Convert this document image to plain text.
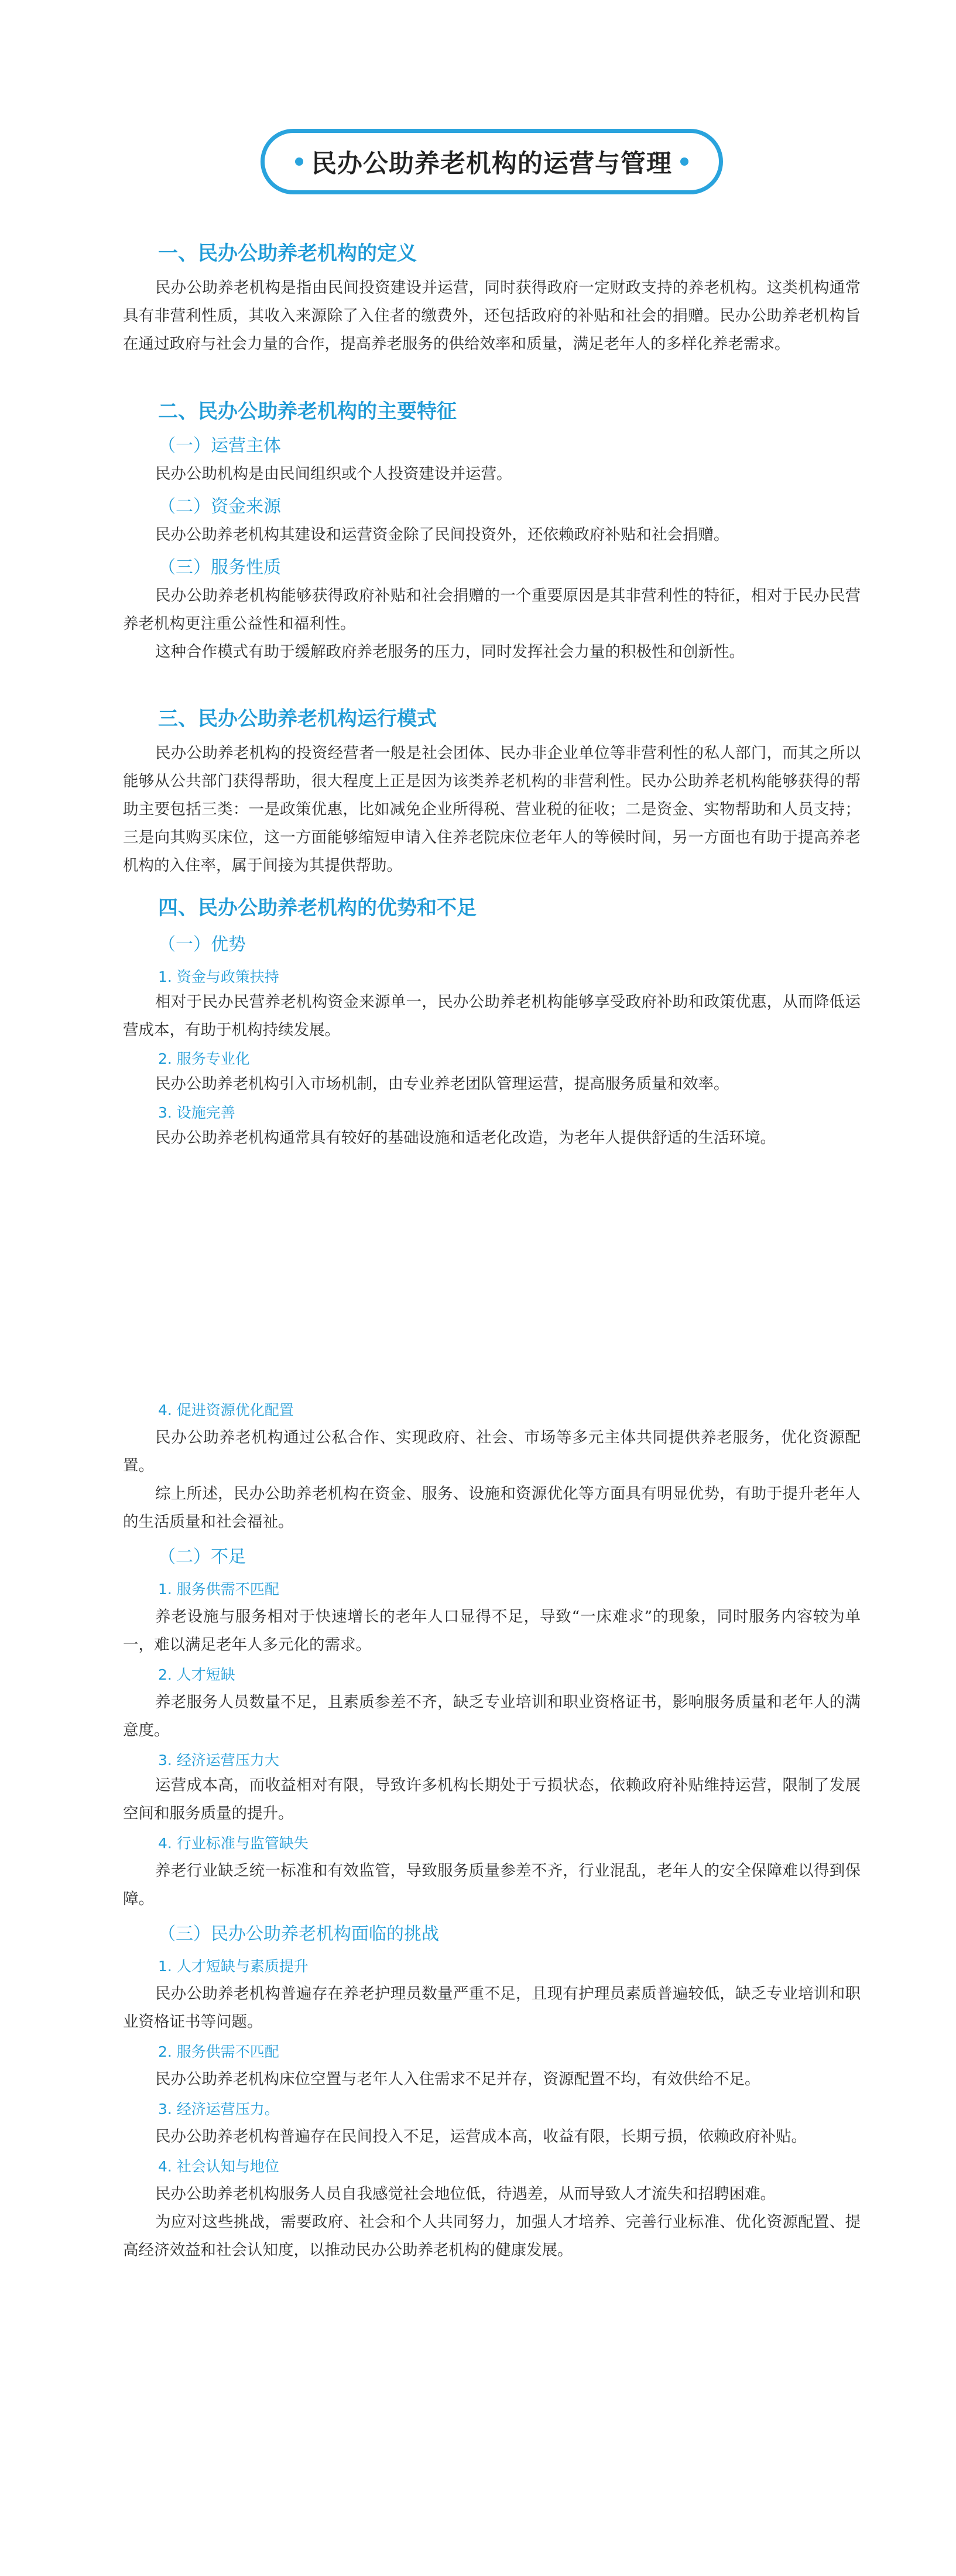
民办公助养老机构的运营与管理
一、民办公助养老机构的定义
民办公助养老机构是指由民间投资建设并运营，同时获得政府一定财政支持的养老机构。这类机构通常具有非营利性质，其收入来源除了入住者的缴费外，还包括政府的补贴和社会的捐赠。民办公助养老机构旨在通过政府与社会力量的合作，提高养老服务的供给效率和质量，满足老年人的多样化养老需求。
二、民办公助养老机构的主要特征
（一）运营主体
民办公助机构是由民间组织或个人投资建设并运营。
（二）资金来源
民办公助养老机构其建设和运营资金除了民间投资外，还依赖政府补贴和社会捐赠。
（三）服务性质
民办公助养老机构能够获得政府补贴和社会捐赠的一个重要原因是其非营利性的特征，相对于民办民营养老机构更注重公益性和福利性。
这种合作模式有助于缓解政府养老服务的压力，同时发挥社会力量的积极性和创新性。
三、民办公助养老机构运行模式
民办公助养老机构的投资经营者一般是社会团体、民办非企业单位等非营利性的私人部门，而其之所以能够从公共部门获得帮助，很大程度上正是因为该类养老机构的非营利性。民办公助养老机构能够获得的帮助主要包括三类：一是政策优惠，比如减免企业所得税、营业税的征收；二是资金、实物帮助和人员支持；三是向其购买床位，这一方面能够缩短申请入住养老院床位老年人的等候时间，另一方面也有助于提高养老机构的入住率，属于间接为其提供帮助。
四、民办公助养老机构的优势和不足
（一）优势
1. 资金与政策扶持
相对于民办民营养老机构资金来源单一，民办公助养老机构能够享受政府补助和政策优惠，从而降低运营成本，有助于机构持续发展。
2. 服务专业化
民办公助养老机构引入市场机制，由专业养老团队管理运营，提高服务质量和效率。
3. 设施完善
民办公助养老机构通常具有较好的基础设施和适老化改造，为老年人提供舒适的生活环境。
4. 促进资源优化配置
民办公助养老机构通过公私合作、实现政府、社会、市场等多元主体共同提供养老服务，优化资源配置。
综上所述，民办公助养老机构在资金、服务、设施和资源优化等方面具有明显优势，有助于提升老年人的生活质量和社会福祉。
（二）不足
1. 服务供需不匹配
养老设施与服务相对于快速增长的老年人口显得不足，导致“一床难求”的现象，同时服务内容较为单一，难以满足老年人多元化的需求。
2. 人才短缺
养老服务人员数量不足，且素质参差不齐，缺乏专业培训和职业资格证书，影响服务质量和老年人的满意度。
3. 经济运营压力大
运营成本高，而收益相对有限，导致许多机构长期处于亏损状态，依赖政府补贴维持运营，限制了发展空间和服务质量的提升。
4. 行业标准与监管缺失
养老行业缺乏统一标准和有效监管，导致服务质量参差不齐，行业混乱，老年人的安全保障难以得到保障。
（三）民办公助养老机构面临的挑战
1. 人才短缺与素质提升
民办公助养老机构普遍存在养老护理员数量严重不足，且现有护理员素质普遍较低，缺乏专业培训和职业资格证书等问题。
2. 服务供需不匹配
民办公助养老机构床位空置与老年人入住需求不足并存，资源配置不均，有效供给不足。
3. 经济运营压力。
民办公助养老机构普遍存在民间投入不足，运营成本高，收益有限，长期亏损，依赖政府补贴。
4. 社会认知与地位
民办公助养老机构服务人员自我感觉社会地位低，待遇差，从而导致人才流失和招聘困难。
为应对这些挑战，需要政府、社会和个人共同努力，加强人才培养、完善行业标准、优化资源配置、提高经济效益和社会认知度，以推动民办公助养老机构的健康发展。
